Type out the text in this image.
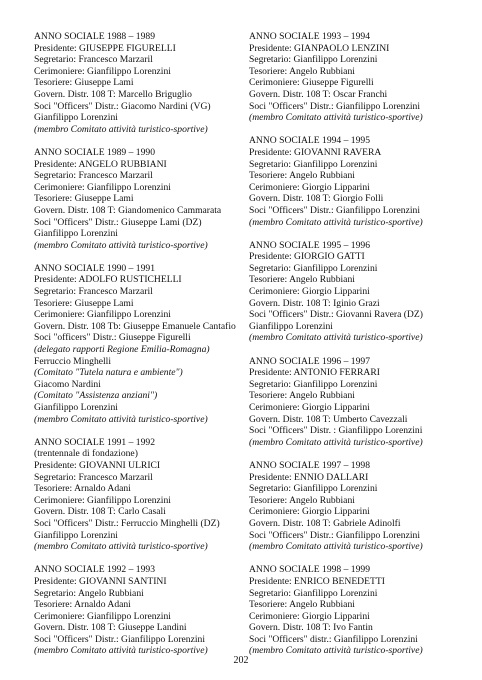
ANNO SOCIALE 1988 – 1989
Presidente: GIUSEPPE FIGURELLI
Segretario: Francesco Marzaril
Cerimoniere: Gianfilippo Lorenzini
Tesoriere: Giuseppe Lami
Govern. Distr. 108 T: Marcello Briguglio
Soci "Officers" Distr.: Giacomo Nardini (VG)
Gianfilippo Lorenzini
(membro Comitato attività turistico-sportive)
ANNO SOCIALE 1989 – 1990
Presidente: ANGELO RUBBIANI
Segretario: Francesco Marzaril
Cerimoniere: Gianfilippo Lorenzini
Tesoriere: Giuseppe Lami
Govern. Distr. 108 T: Giandomenico Cammarata
Soci "Officers" Distr.: Giuseppe Lami (DZ)
Gianfilippo Lorenzini
(membro Comitato attività turistico-sportive)
ANNO SOCIALE 1990 – 1991
Presidente: ADOLFO RUSTICHELLI
Segretario: Francesco Marzaril
Tesoriere: Giuseppe Lami
Cerimoniere: Gianfilippo Lorenzini
Govern. Distr. 108 Tb: Giuseppe Emanuele Cantafio
Soci "officers" Distr.: Giuseppe Figurelli
(delegato rapporti Regione Emilia-Romagna)
Ferruccio Minghelli
(Comitato "Tutela natura e ambiente")
Giacomo Nardini
(Comitato "Assistenza anziani")
Gianfilippo Lorenzini
(membro Comitato attività turistico-sportive)
ANNO SOCIALE 1991 – 1992
(trentennale di fondazione)
Presidente: GIOVANNI ULRICI
Segretario: Francesco Marzaril
Tesoriere: Arnaldo Adani
Cerimoniere: Gianfilippo Lorenzini
Govern. Distr. 108 T: Carlo Casali
Soci "Officers" Distr.: Ferruccio Minghelli (DZ)
Gianfilippo Lorenzini
(membro Comitato attività turistico-sportive)
ANNO SOCIALE 1992 – 1993
Presidente: GIOVANNI SANTINI
Segretario: Angelo Rubbiani
Tesoriere: Arnaldo Adani
Cerimoniere: Gianfilippo Lorenzini
Govern. Distr. 108 T: Giuseppe Landini
Soci "Officers" Distr.: Gianfilippo Lorenzini
(membro Comitato attività turistico-sportive)
ANNO SOCIALE 1993 – 1994
Presidente: GIANPAOLO LENZINI
Segretario: Gianfilippo Lorenzini
Tesoriere: Angelo Rubbiani
Cerimoniere: Giuseppe Figurelli
Govern. Distr. 108 T: Oscar Franchi
Soci "Officers" Distr.: Gianfilippo Lorenzini
(membro Comitato attività turistico-sportive)
ANNO SOCIALE 1994 – 1995
Presidente: GIOVANNI RAVERA
Segretario: Gianfilippo Lorenzini
Tesoriere: Angelo Rubbiani
Cerimoniere: Giorgio Lipparini
Govern. Distr. 108 T: Giorgio Folli
Soci "Officers" Distr.: Gianfilippo Lorenzini
(membro Comitato attività turistico-sportive)
ANNO SOCIALE 1995 – 1996
Presidente: GIORGIO GATTI
Segretario: Gianfilippo Lorenzini
Tesoriere: Angelo Rubbiani
Cerimoniere: Giorgio Lipparini
Govern. Distr. 108 T: Iginio Grazi
Soci "Officers" Distr.: Giovanni Ravera (DZ)
Gianfilippo Lorenzini
(membro Comitato attività turistico-sportive)
ANNO SOCIALE 1996 – 1997
Presidente: ANTONIO FERRARI
Segretario: Gianfilippo Lorenzini
Tesoriere: Angelo Rubbiani
Cerimoniere: Giorgio Lipparini
Govern. Distr. 108 T: Umberto Cavezzali
Soci "Officers" Distr. : Gianfilippo Lorenzini
(membro Comitato attività turistico-sportive)
ANNO SOCIALE 1997 – 1998
Presidente: ENNIO DALLARI
Segretario: Gianfilippo Lorenzini
Tesoriere: Angelo Rubbiani
Cerimoniere: Giorgio Lipparini
Govern. Distr. 108 T: Gabriele Adinolfi
Soci "Officers" Distr.: Gianfilippo Lorenzini
(membro Comitato attività turistico-sportive)
ANNO SOCIALE 1998 – 1999
Presidente: ENRICO BENEDETTI
Segretario: Gianfilippo Lorenzini
Tesoriere: Angelo Rubbiani
Cerimoniere: Giorgio Lipparini
Govern. Distr. 108 T: Ivo Fantin
Soci "Officers" distr.: Gianfilippo Lorenzini
(membro Comitato attività turistico-sportive)
202
